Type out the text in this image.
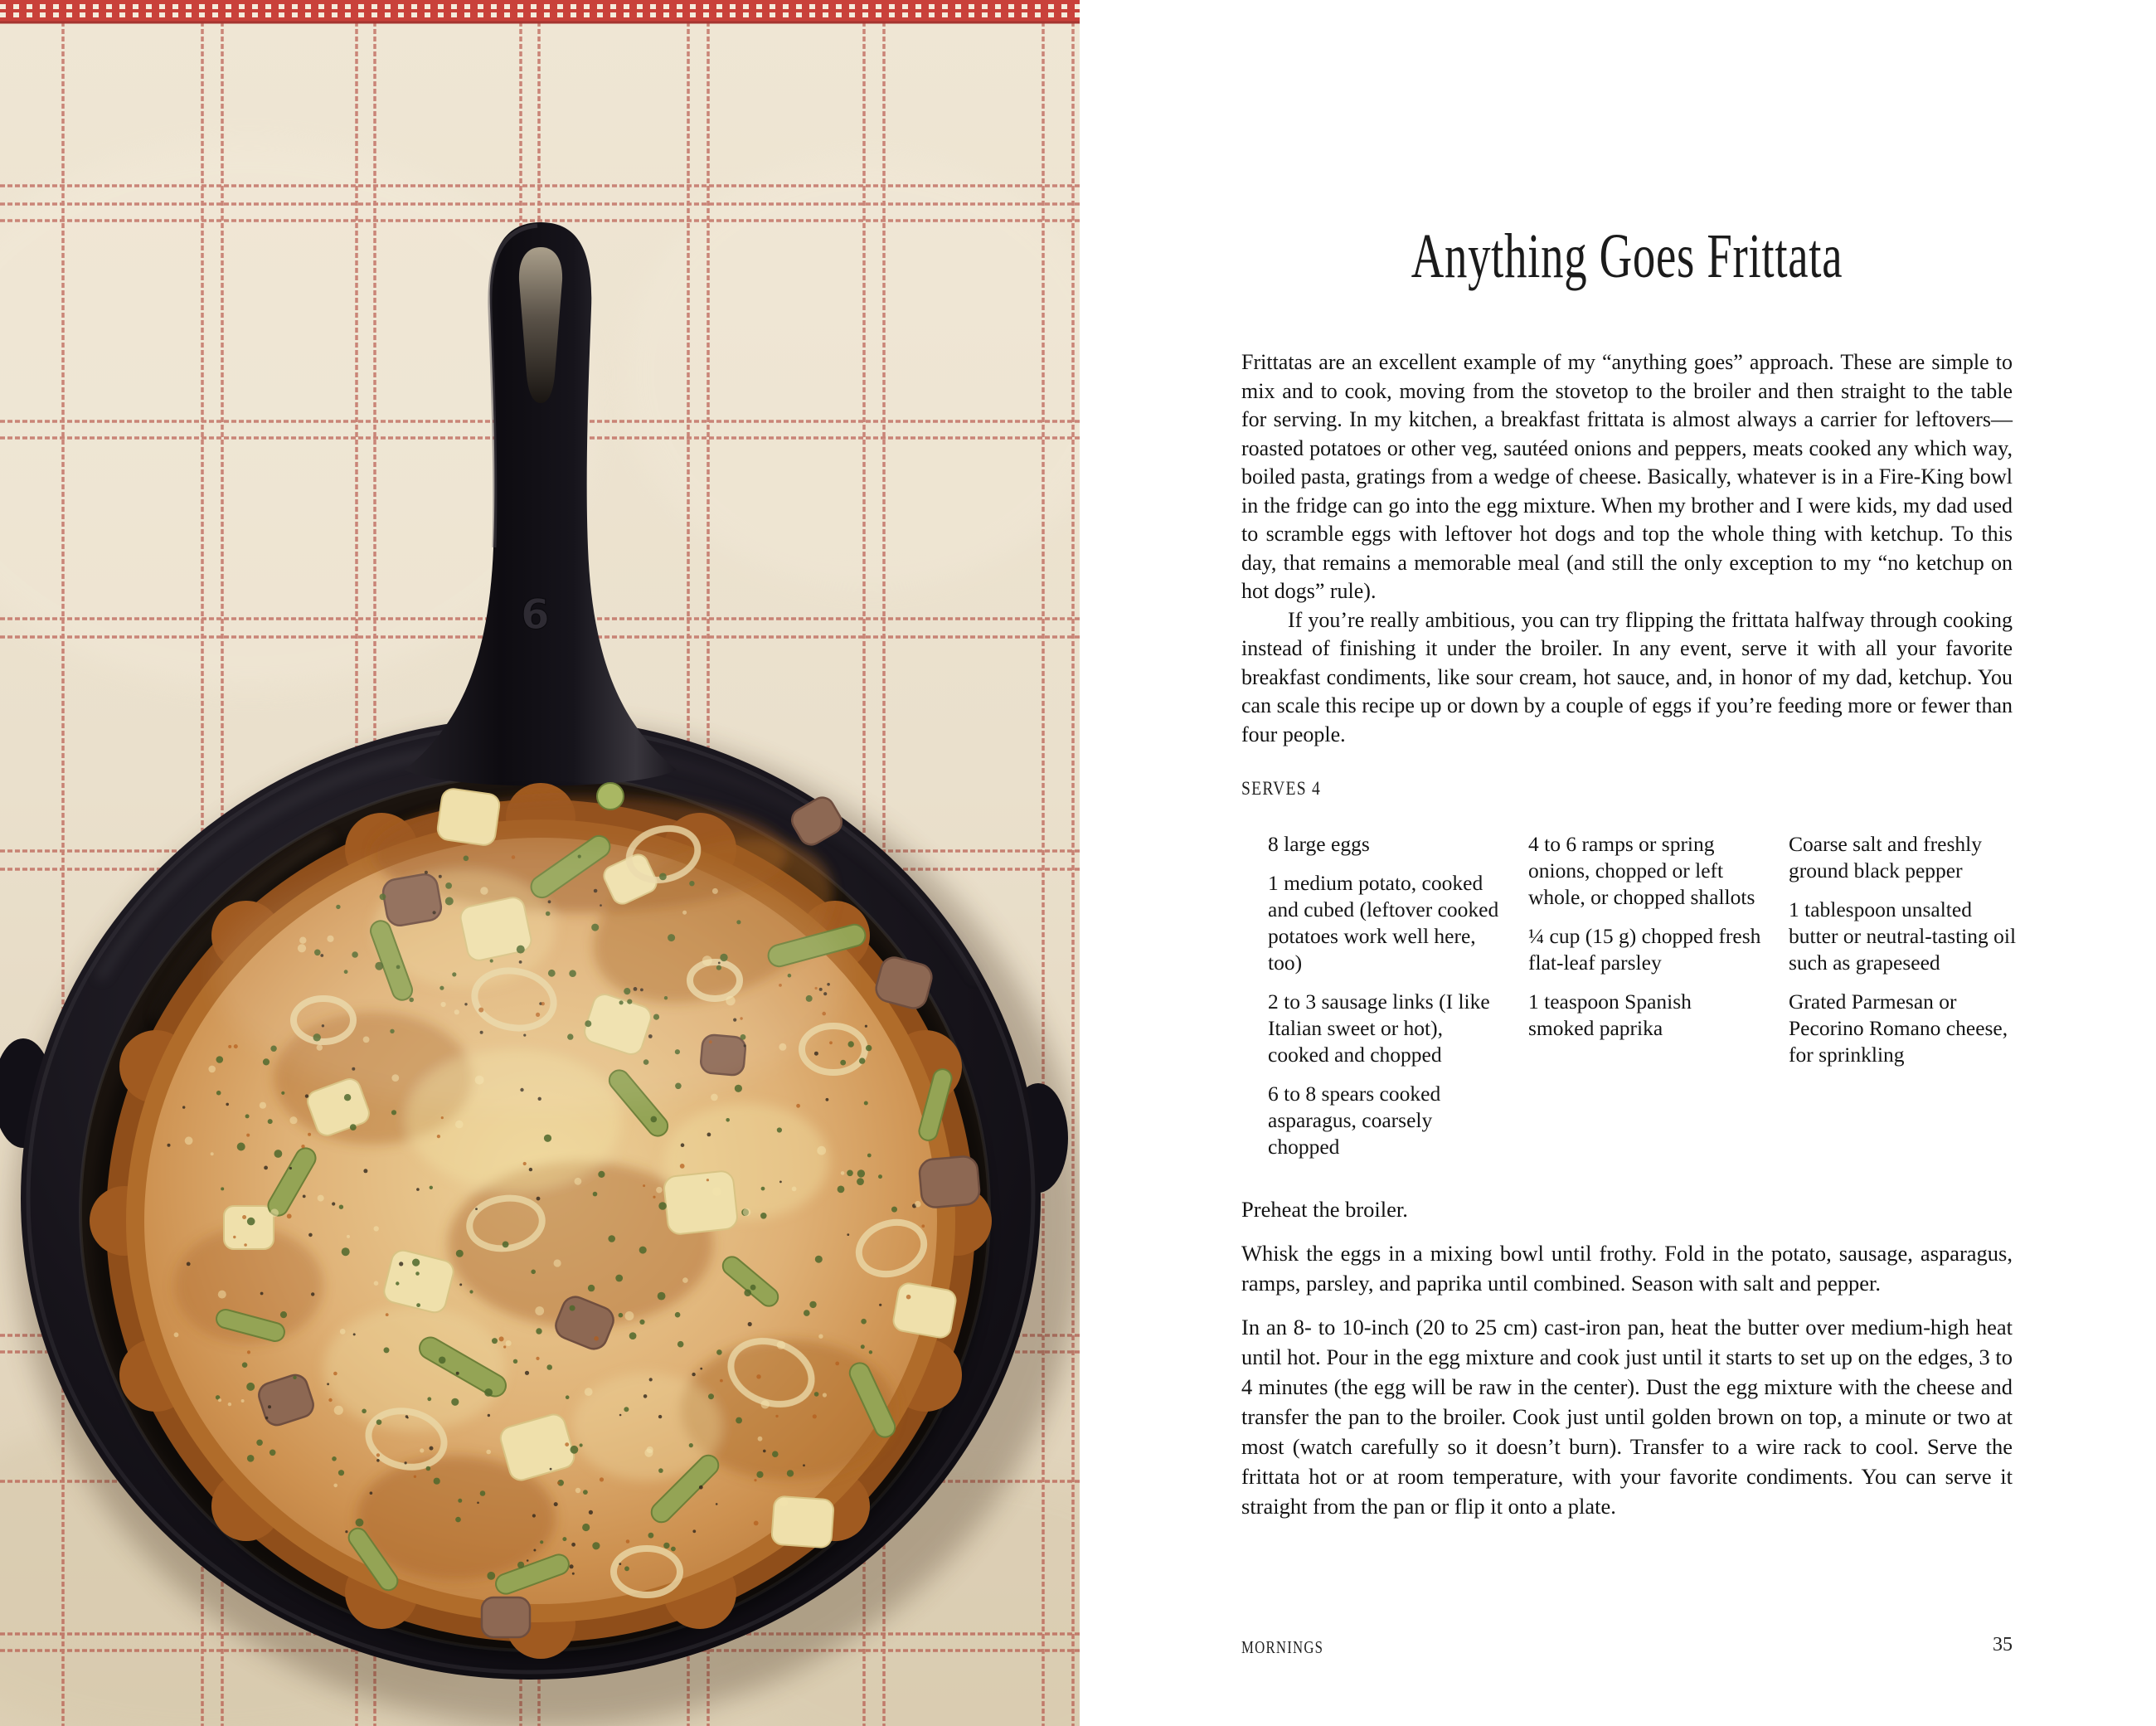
6
Anything Goes Frittata

Frittatas are an excellent example of my “anything goes” approach. These are simple to mix and to cook, moving from the stovetop to the broiler and then straight to the table for serving. In my kitchen, a breakfast frittata is almost always a carrier for leftovers—roasted potatoes or other veg, sautéed onions and peppers, meats cooked any which way, boiled pasta, gratings from a wedge of cheese. Basically, whatever is in a Fire-King bowl in the fridge can go into the egg mixture. When my brother and I were kids, my dad used to scramble eggs with leftover hot dogs and top the whole thing with ketchup. To this day, that remains a memorable meal (and still the only exception to my “no ketchup on hot dogs” rule).

If you’re really ambitious, you can try flipping the frittata halfway through cooking instead of finishing it under the broiler. In any event, serve it with all your favorite breakfast condiments, like sour cream, hot sauce, and, in honor of my dad, ketchup. You can scale this recipe up or down by a couple of eggs if you’re feeding more or fewer than four people.

SERVES 4

8 large eggs

1 medium potato, cooked and cubed (leftover cooked potatoes work well here, too)

2 to 3 sausage links (I like Italian sweet or hot), cooked and chopped

6 to 8 spears cooked asparagus, coarsely chopped

4 to 6 ramps or spring onions, chopped or left whole, or chopped shallots

¼ cup (15 g) chopped fresh flat-leaf parsley

1 teaspoon Spanish smoked paprika

Coarse salt and freshly ground black pepper

1 tablespoon unsalted butter or neutral-tasting oil such as grapeseed

Grated Parmesan or Pecorino Romano cheese, for sprinkling

Preheat the broiler.

Whisk the eggs in a mixing bowl until frothy. Fold in the potato, sausage, asparagus, ramps, parsley, and paprika until combined. Season with salt and pepper.

In an 8- to 10-inch (20 to 25 cm) cast-iron pan, heat the butter over medium-high heat until hot. Pour in the egg mixture and cook just until it starts to set up on the edges, 3 to 4 minutes (the egg will be raw in the center). Dust the egg mixture with the cheese and transfer the pan to the broiler. Cook just until golden brown on top, a minute or two at most (watch carefully so it doesn’t burn). Transfer to a wire rack to cool. Serve the frittata hot or at room temperature, with your favorite condiments. You can serve it straight from the pan or flip it onto a plate.

MORNINGS	35
